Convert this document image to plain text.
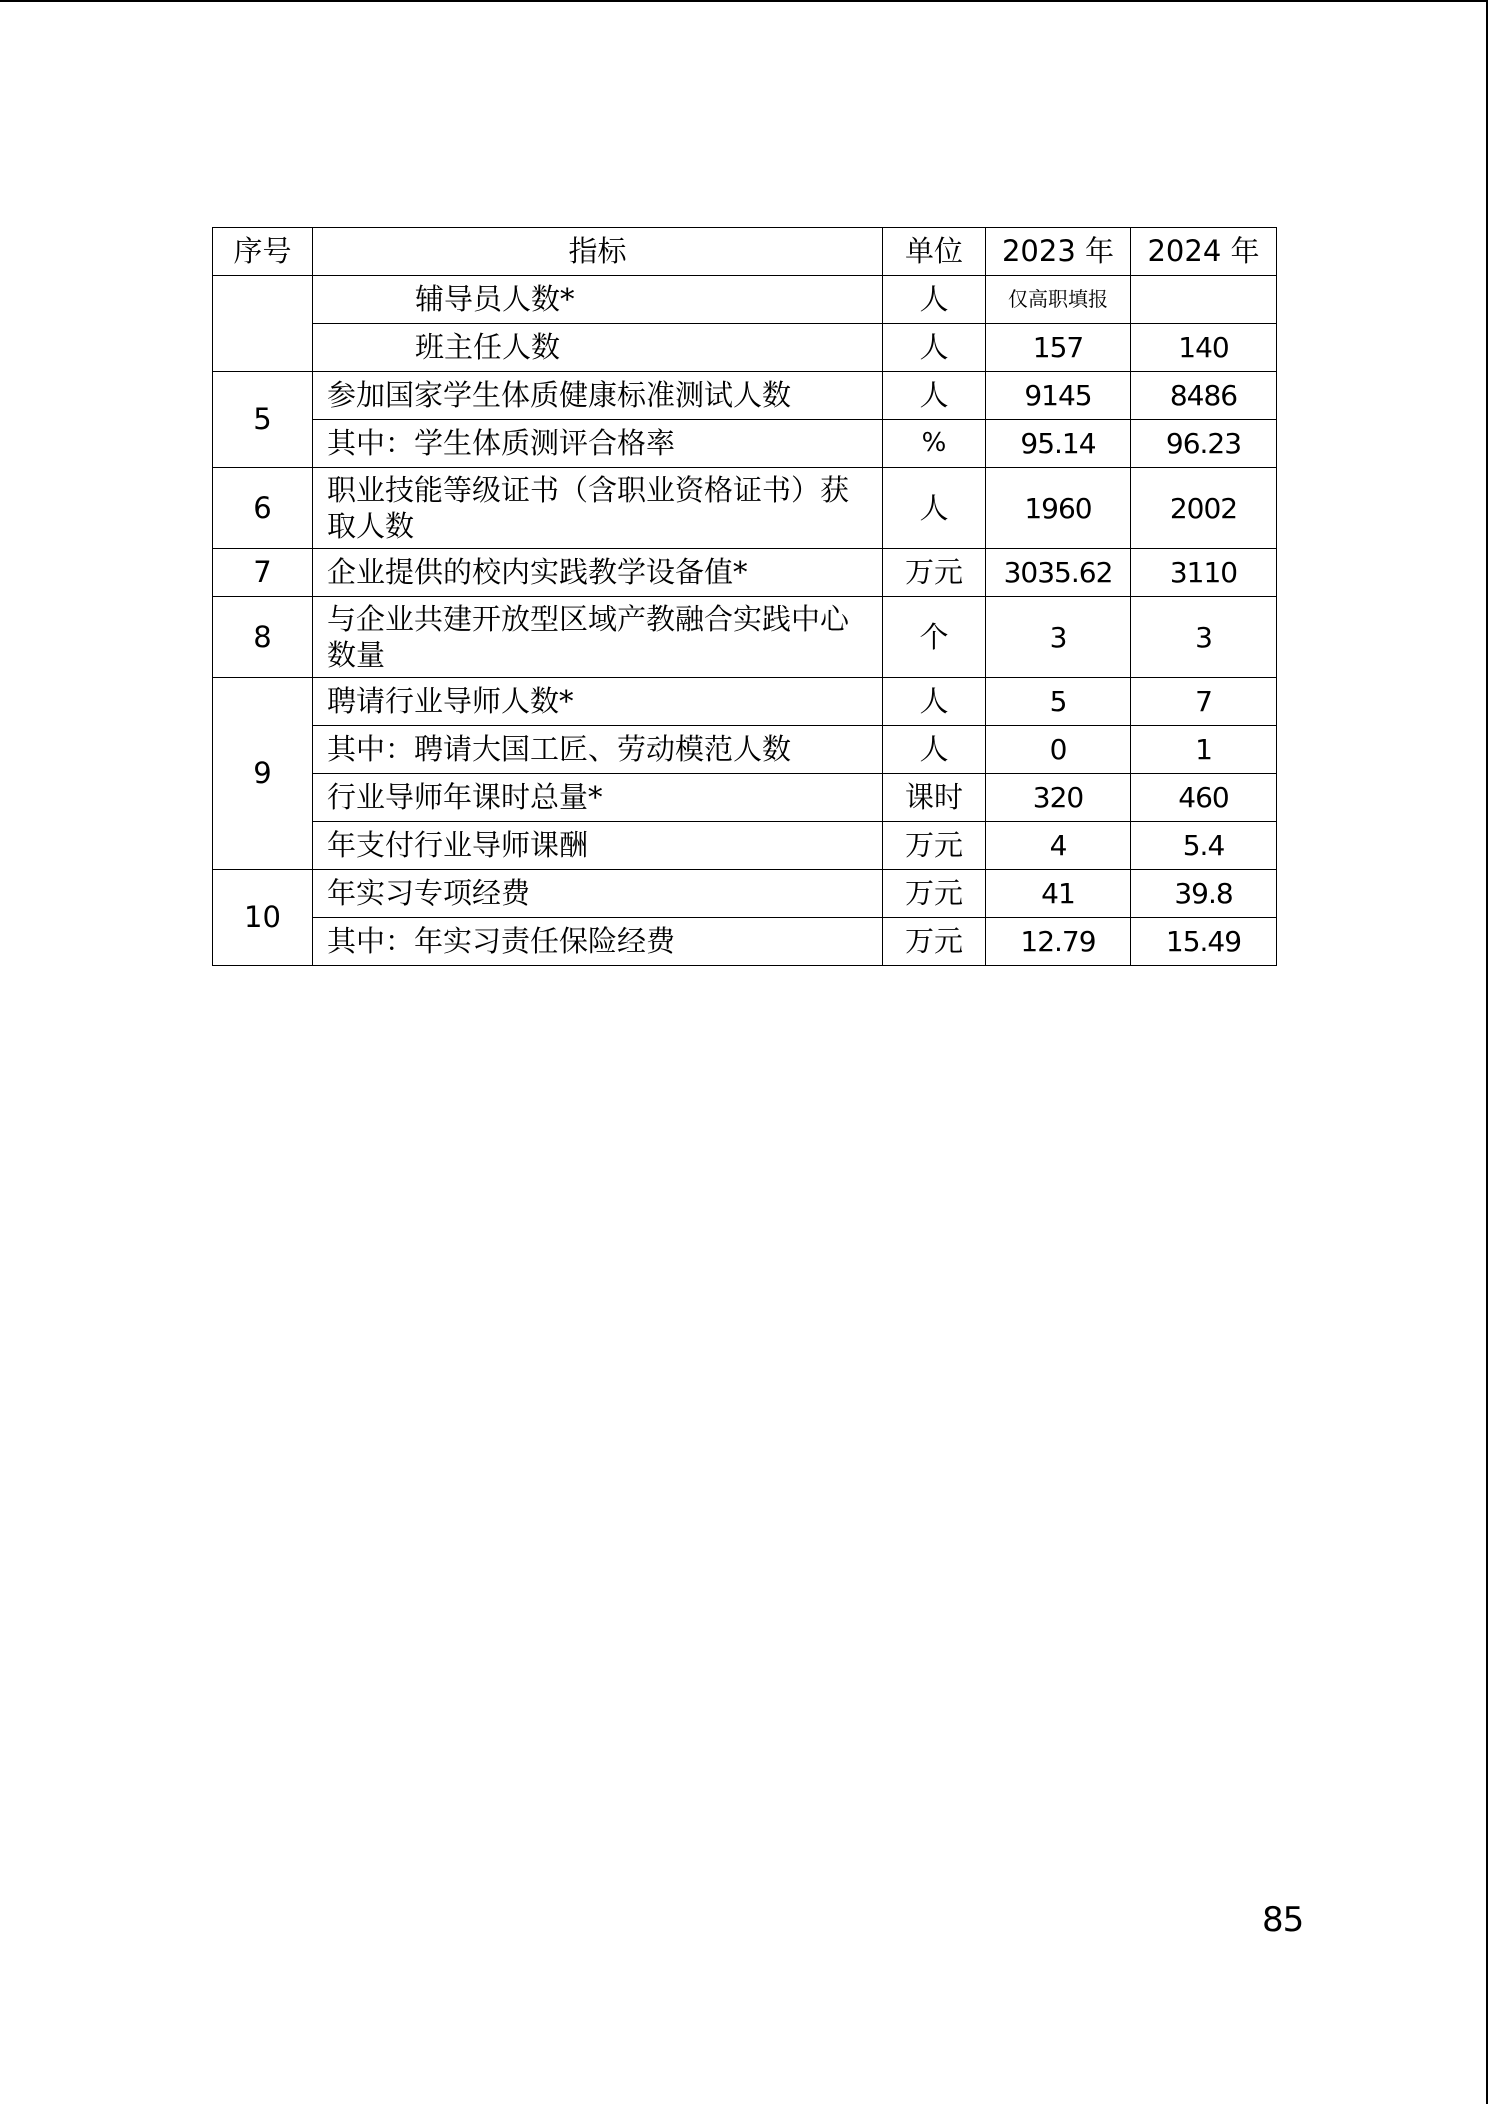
序号	指标	单位	2023 年	2024 年
	辅导员人数*	人	仅高职填报	
	班主任人数	人	157	140
5	参加国家学生体质健康标准测试人数	人	9145	8486
	其中：学生体质测评合格率	%	95.14	96.23
6	职业技能等级证书（含职业资格证书）获取人数	人	1960	2002
7	企业提供的校内实践教学设备值*	万元	3035.62	3110
8	与企业共建开放型区域产教融合实践中心数量	个	3	3
9	聘请行业导师人数*	人	5	7
	其中：聘请大国工匠、劳动模范人数	人	0	1
	行业导师年课时总量*	课时	320	460
	年支付行业导师课酬	万元	4	5.4
10	年实习专项经费	万元	41	39.8
	其中：年实习责任保险经费	万元	12.79	15.49
85
